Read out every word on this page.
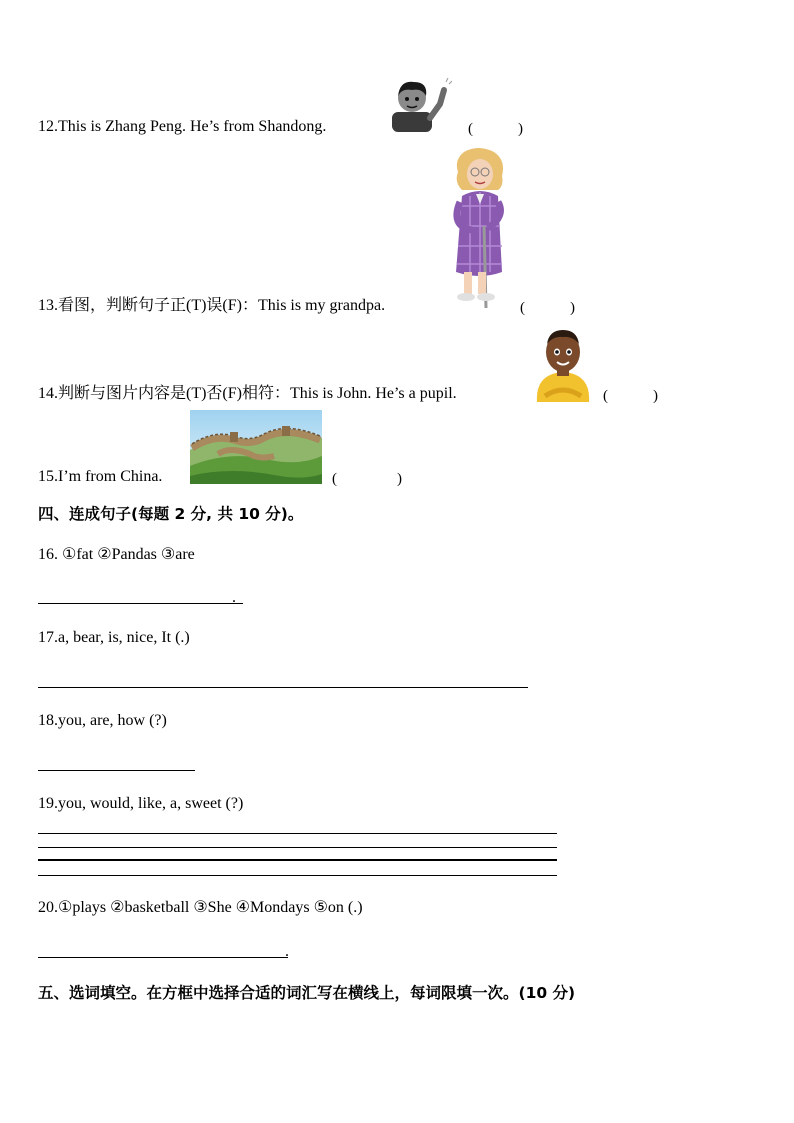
12.This is Zhang Peng. He’s from Shandong.	(　　　)
13.看图，判断句子正(T)误(F)：This is my grandpa.	(　　　)
14.判断与图片内容是(T)否(F)相符：This is John. He’s a pupil.	(　　　)
15.I’m from China.	(　　　　)
四、连成句子(每题 2 分, 共 10 分)。
16. ①fat ②Pandas ③are
.
17.a, bear, is, nice, It (.)
18.you, are, how (?)
19.you, would, like, a, sweet (?)
20.①plays ②basketball ③She ④Mondays ⑤on (.)
.
五、选词填空。在方框中选择合适的词汇写在横线上，每词限填一次。(10 分)
